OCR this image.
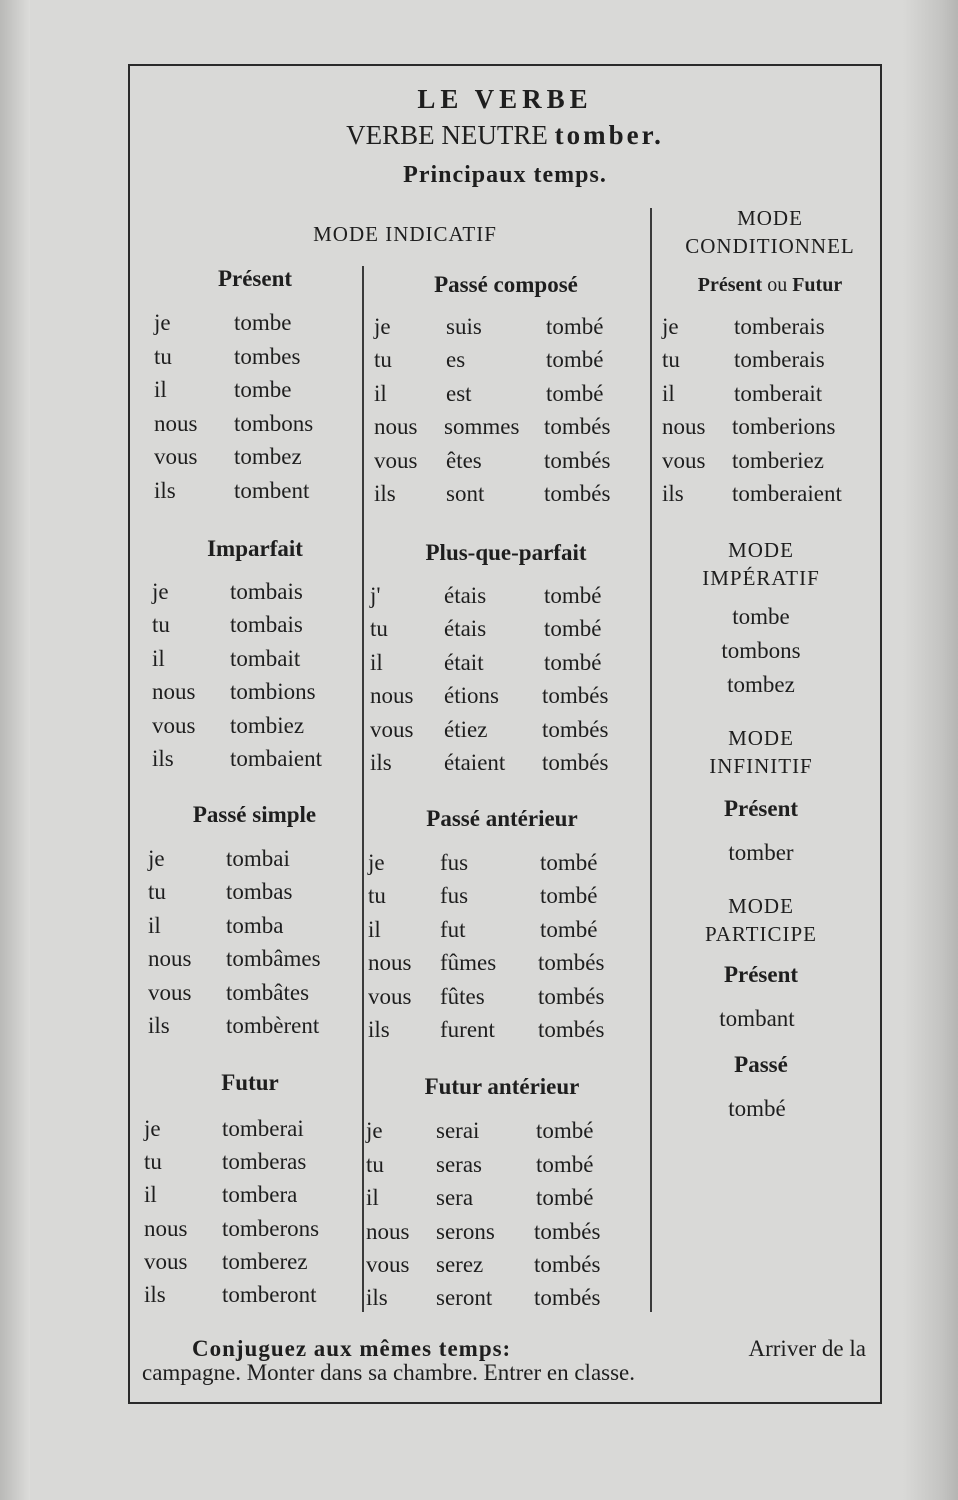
LE VERBE
VERBE NEUTRE tomber.
Principaux temps.
MODE INDICATIF
MODE
CONDITIONNEL
Présent
je	tombe
tu	tombes
il	tombe
nous tombons
vous tombez
ils	tombent
Imparfait
je	tombais
tu	tombais
il	tombait
nous tombions
vous tombiez
ils tombaient
Passé simple
je	tombai
tu	tombas
il	tomba
nous tombâmes
vous tombâtes
ils tombèrent
Futur
je	tomberai
tu	tomberas
il	tombera
nous tomberons
vous tomberez
ils tomberont
Passé composé
je suis	tombé
tu es	tombé
il	est	tombé
nous sommes tombés
vous êtes	tombés
ils sont	tombés
Plus-que-parfait
j'	étais	tombé
tu étais	tombé
il	était	tombé
nous étions tombés
vous étiez tombés
ils étaient tombés
Passé antérieur
je fus	tombé
tu fus	tombé
il	fut	tombé
nous fûmes tombés
vous fûtes tombés
ils furent tombés
Futur antérieur
je serai tombé
tu seras tombé
il sera	tombé
nous serons tombés
vous serez tombés
ils seront tombés
Présent ou Futur
je tomberais
tu tomberais
il	tomberait
nous tomberions
vous tomberiez
ils tomberaient
MODE
IMPÉRATIF
tombe
tombons
tombez
MODE
INFINITIF
Présent
tomber
MODE
PARTICIPE
Présent
tombant
Passé
tombé
Conjuguez aux mêmes temps:	Arriver de la
campagne. Monter dans sa chambre. Entrer en classe.
